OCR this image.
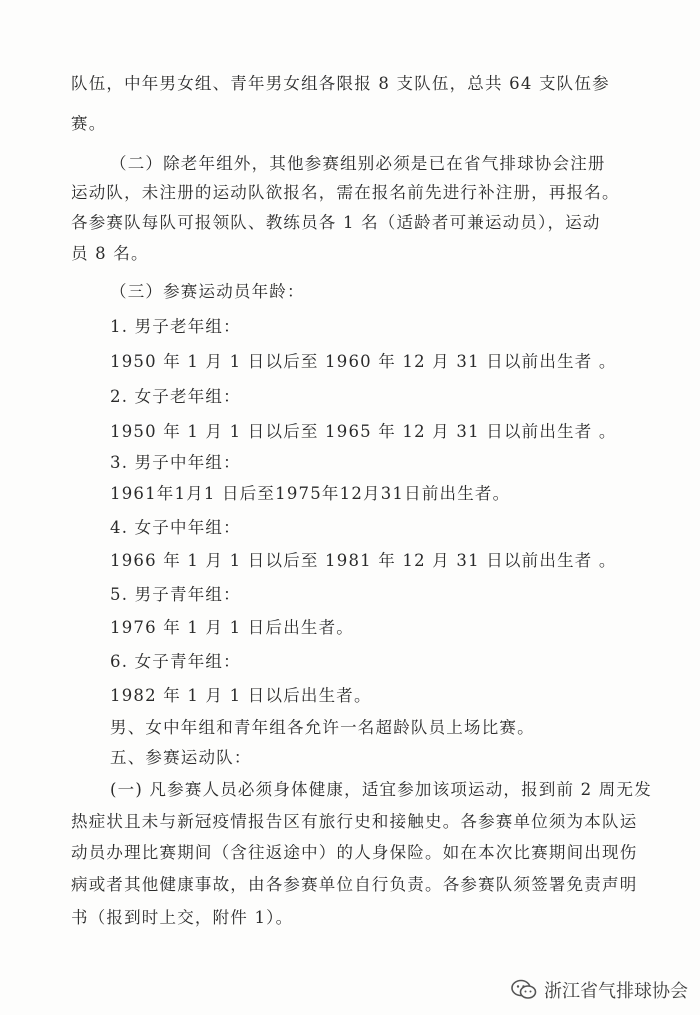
队伍，中年男女组、青年男女组各限报 8 支队伍，总共 64 支队伍参
赛。
（二）除老年组外，其他参赛组别必须是已在省气排球协会注册
运动队，未注册的运动队欲报名，需在报名前先进行补注册，再报名。
各参赛队每队可报领队、教练员各 1 名（适龄者可兼运动员），运动
员 8 名。
（三）参赛运动员年龄：
1. 男子老年组：
1950 年 1 月 1 日以后至 1960 年 12 月 31 日以前出生者 。
2. 女子老年组：
1950 年 1 月 1 日以后至 1965 年 12 月 31 日以前出生者 。
3. 男子中年组：
1961年1月1 日后至1975年12月31日前出生者。
4. 女子中年组：
1966 年 1 月 1 日以后至 1981 年 12 月 31 日以前出生者 。
5. 男子青年组：
1976 年 1 月 1 日后出生者。
6. 女子青年组：
1982 年 1 月 1 日以后出生者。
男、女中年组和青年组各允许一名超龄队员上场比赛。
五、参赛运动队：
(一) 凡参赛人员必须身体健康，适宜参加该项运动，报到前 2 周无发
热症状且未与新冠疫情报告区有旅行史和接触史。各参赛单位须为本队运
动员办理比赛期间（含往返途中）的人身保险。如在本次比赛期间出现伤
病或者其他健康事故，由各参赛单位自行负责。各参赛队须签署免责声明
书（报到时上交，附件 1）。
浙江省气排球协会
